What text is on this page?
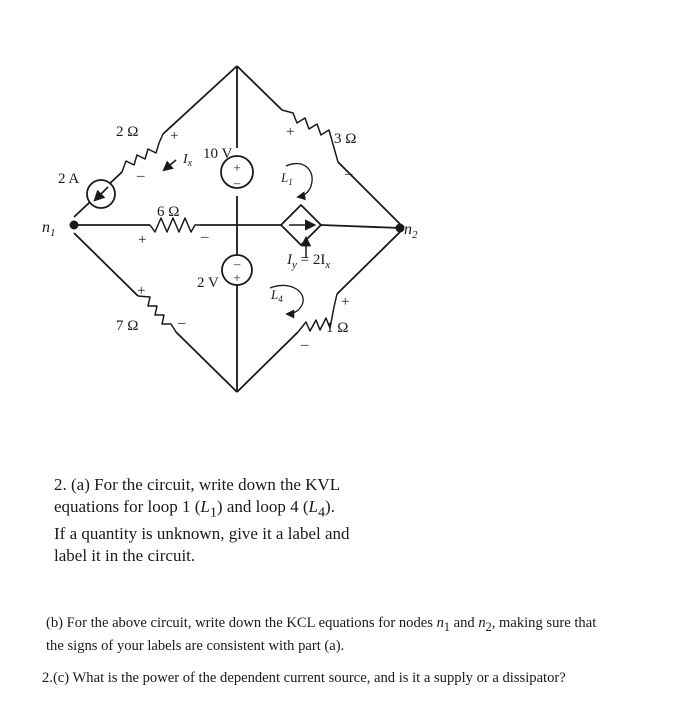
+
–
–
+
2 Ω	3 Ω
6 Ω
7 Ω	1 Ω
2 A
10 V
2 V
$I_x$
$I_y = 2I_x$
$L_1$
$L_4$
$n_1$	$n_2$
+
–
+
–
+	–
+
–
+
–

2. (a) For the circuit, write down the KVL

equations for loop 1 $(L_1)$ and loop 4 $(L_4)$.

If a quantity is unknown, give it a label and

label it in the circuit.

(b) For the above circuit, write down the KCL equations for nodes $n_1$ and $n_2$, making sure that

the signs of your labels are consistent with part (a).

2.(c) What is the power of the dependent current source, and is it a supply or a dissipator?
